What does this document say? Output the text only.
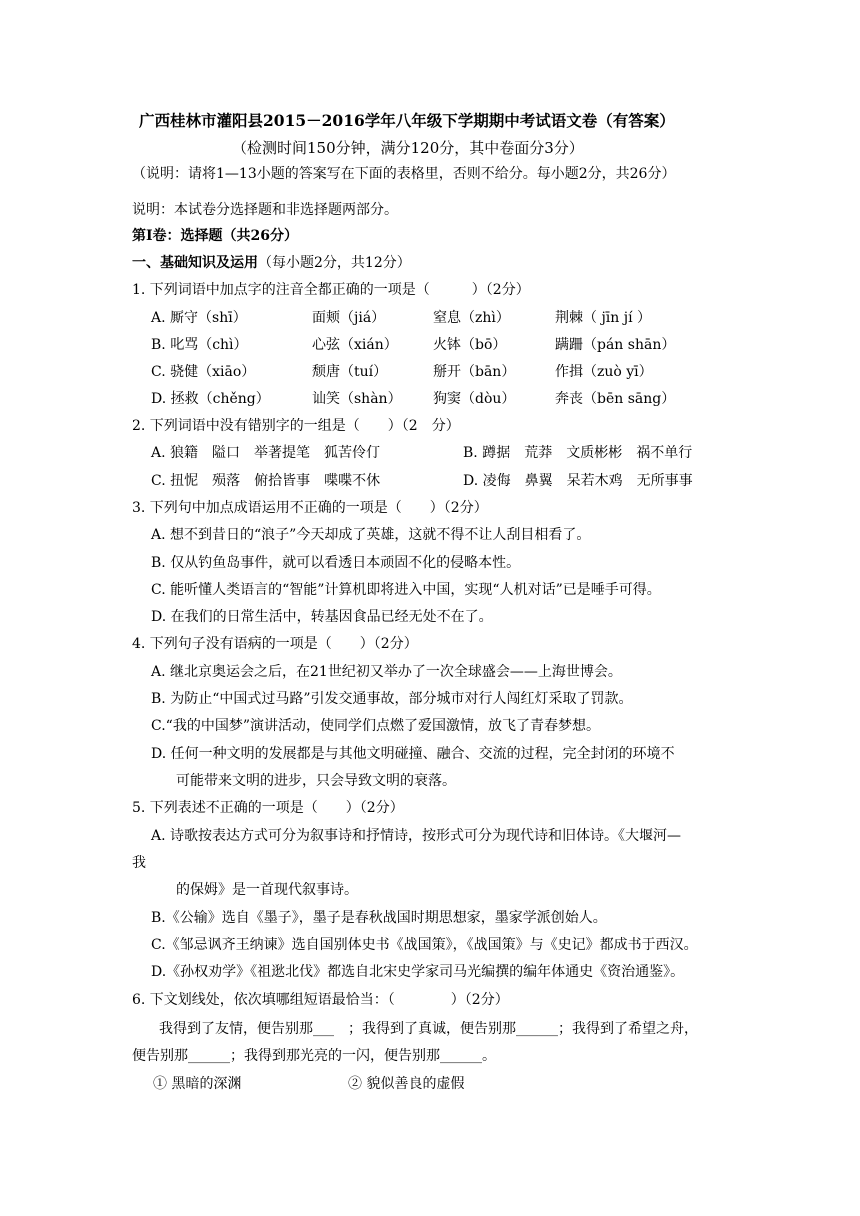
广西桂林市灌阳县2015－2016学年八年级下学期期中考试语文卷（有答案）
（检测时间150分钟，满分120分，其中卷面分3分）
（说明：请将1—13小题的答案写在下面的表格里，否则不给分。每小题2分，共26分）
说明：本试卷分选择题和非选择题两部分。
第Ⅰ卷：选择题（共26分）
一、基础知识及运用（每小题2分，共12分）
1. 下列词语中加点字的注音全都正确的一项是（　　　）（2分）
A. 厮守（shī）	面颊（jiá）	窒息（zhì）	荆棘（ jīn jí ）
B. 叱骂（chì）	心弦（xián）	火钵（bō）	蹒跚（pán shān）
C. 骁健（xiāo）	颓唐（tuí）	掰开（bān）	作揖（zuò yī）
D. 拯救（chěng）	讪笑（shàn） 狗窦（dòu）	奔丧（bēn sāng）
2. 下列词语中没有错别字的一组是（　　）（2　分）
A. 狼籍　隘口　举著提笔　狐苦伶仃	B. 蹲据　荒莽　文质彬彬　祸不单行
C. 扭怩　殒落　俯拾皆事　喋喋不休	D. 凌侮　鼻翼　呆若木鸡　无所事事
3. 下列句中加点成语运用不正确的一项是（　　）（2分）
A. 想不到昔日的“浪子”今天却成了英雄，这就不得不让人刮目相看了。
B. 仅从钓鱼岛事件，就可以看透日本顽固不化的侵略本性。
C. 能听懂人类语言的“智能”计算机即将进入中国，实现“人机对话”已是唾手可得。
D. 在我们的日常生活中，转基因食品已经无处不在了。
4. 下列句子没有语病的一项是（　　）（2分）
A. 继北京奥运会之后，在21世纪初又举办了一次全球盛会——上海世博会。
B. 为防止“中国式过马路”引发交通事故，部分城市对行人闯红灯采取了罚款。
C.“我的中国梦”演讲活动，使同学们点燃了爱国激情，放飞了青春梦想。
D. 任何一种文明的发展都是与其他文明碰撞、融合、交流的过程，完全封闭的环境不
可能带来文明的进步，只会导致文明的衰落。
5. 下列表述不正确的一项是（　　）（2分）
A. 诗歌按表达方式可分为叙事诗和抒情诗，按形式可分为现代诗和旧体诗。《大堰河—
我
的保姆》是一首现代叙事诗。
B.《公输》选自《墨子》，墨子是春秋战国时期思想家，墨家学派创始人。
C.《邹忌讽齐王纳谏》选自国别体史书《战国策》，《战国策》与《史记》都成书于西汉。
D.《孙权劝学》《祖逖北伐》都选自北宋史学家司马光编撰的编年体通史《资治通鉴》。
6. 下文划线处，依次填哪组短语最恰当：（　　　　）（2分）
我得到了友情，便告别那___　；我得到了真诚，便告别那______；我得到了希望之舟，
便告别那______；我得到那光亮的一闪，便告别那______。
① 黑暗的深渊	② 貌似善良的虚假
